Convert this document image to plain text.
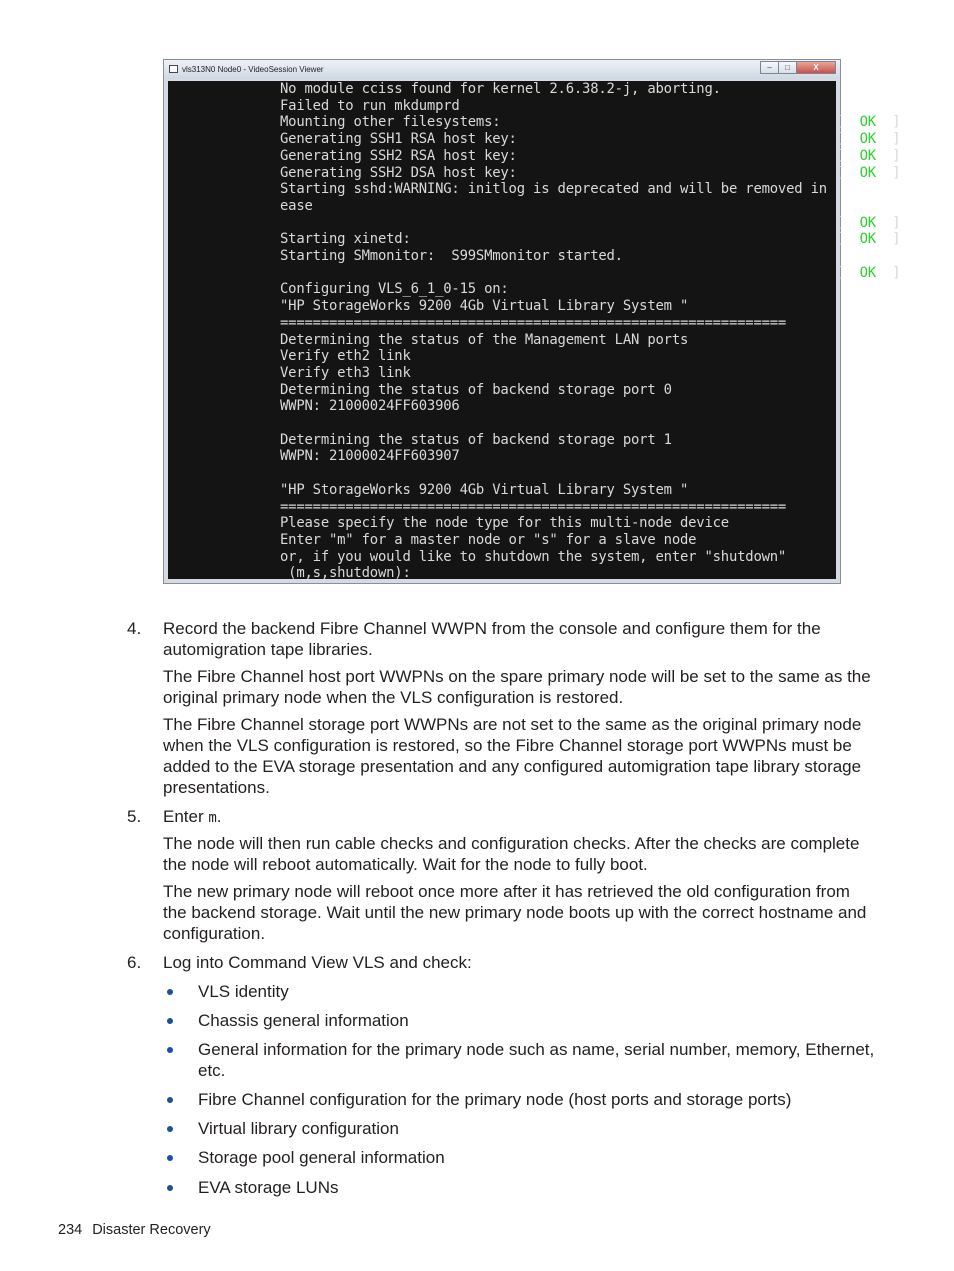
vls313N0 Node0 - VideoSession Viewer	–	□	X
No module cciss found for kernel 2.6.38.2-j, aborting.
Failed to run mkdumprd
Mounting other filesystems:	[  OK  ]
Generating SSH1 RSA host key:	[  OK  ]
Generating SSH2 RSA host key:	[  OK  ]
Generating SSH2 DSA host key:	[  OK  ]
Starting sshd:WARNING: initlog is deprecated and will be removed in
ease
[  OK  ]
Starting xinetd:	[  OK  ]
Starting SMmonitor:  S99SMmonitor started.
[  OK  ]
Configuring VLS_6_1_0-15 on:
"HP StorageWorks 9200 4Gb Virtual Library System "
==============================================================
Determining the status of the Management LAN ports
Verify eth2 link
Verify eth3 link
Determining the status of backend storage port 0
WWPN: 21000024FF603906

Determining the status of backend storage port 1
WWPN: 21000024FF603907

"HP StorageWorks 9200 4Gb Virtual Library System "
==============================================================
Please specify the node type for this multi-node device
Enter "m" for a master node or "s" for a slave node
or, if you would like to shutdown the system, enter "shutdown"
(m,s,shutdown):
4.	Record the backend Fibre Channel WWPN from the console and configure them for the automigration tape libraries.
The Fibre Channel host port WWPNs on the spare primary node will be set to the same as the original primary node when the VLS configuration is restored.
The Fibre Channel storage port WWPNs are not set to the same as the original primary node when the VLS configuration is restored, so the Fibre Channel storage port WWPNs must be added to the EVA storage presentation and any configured automigration tape library storage presentations.
5.	Enter m.
The node will then run cable checks and configuration checks. After the checks are complete the node will reboot automatically. Wait for the node to fully boot.
The new primary node will reboot once more after it has retrieved the old configuration from the backend storage. Wait until the new primary node boots up with the correct hostname and configuration.
6.	Log into Command View VLS and check:
VLS identity
Chassis general information
General information for the primary node such as name, serial number, memory, Ethernet, etc.
Fibre Channel configuration for the primary node (host ports and storage ports)
Virtual library configuration
Storage pool general information
EVA storage LUNs
234 Disaster Recovery
